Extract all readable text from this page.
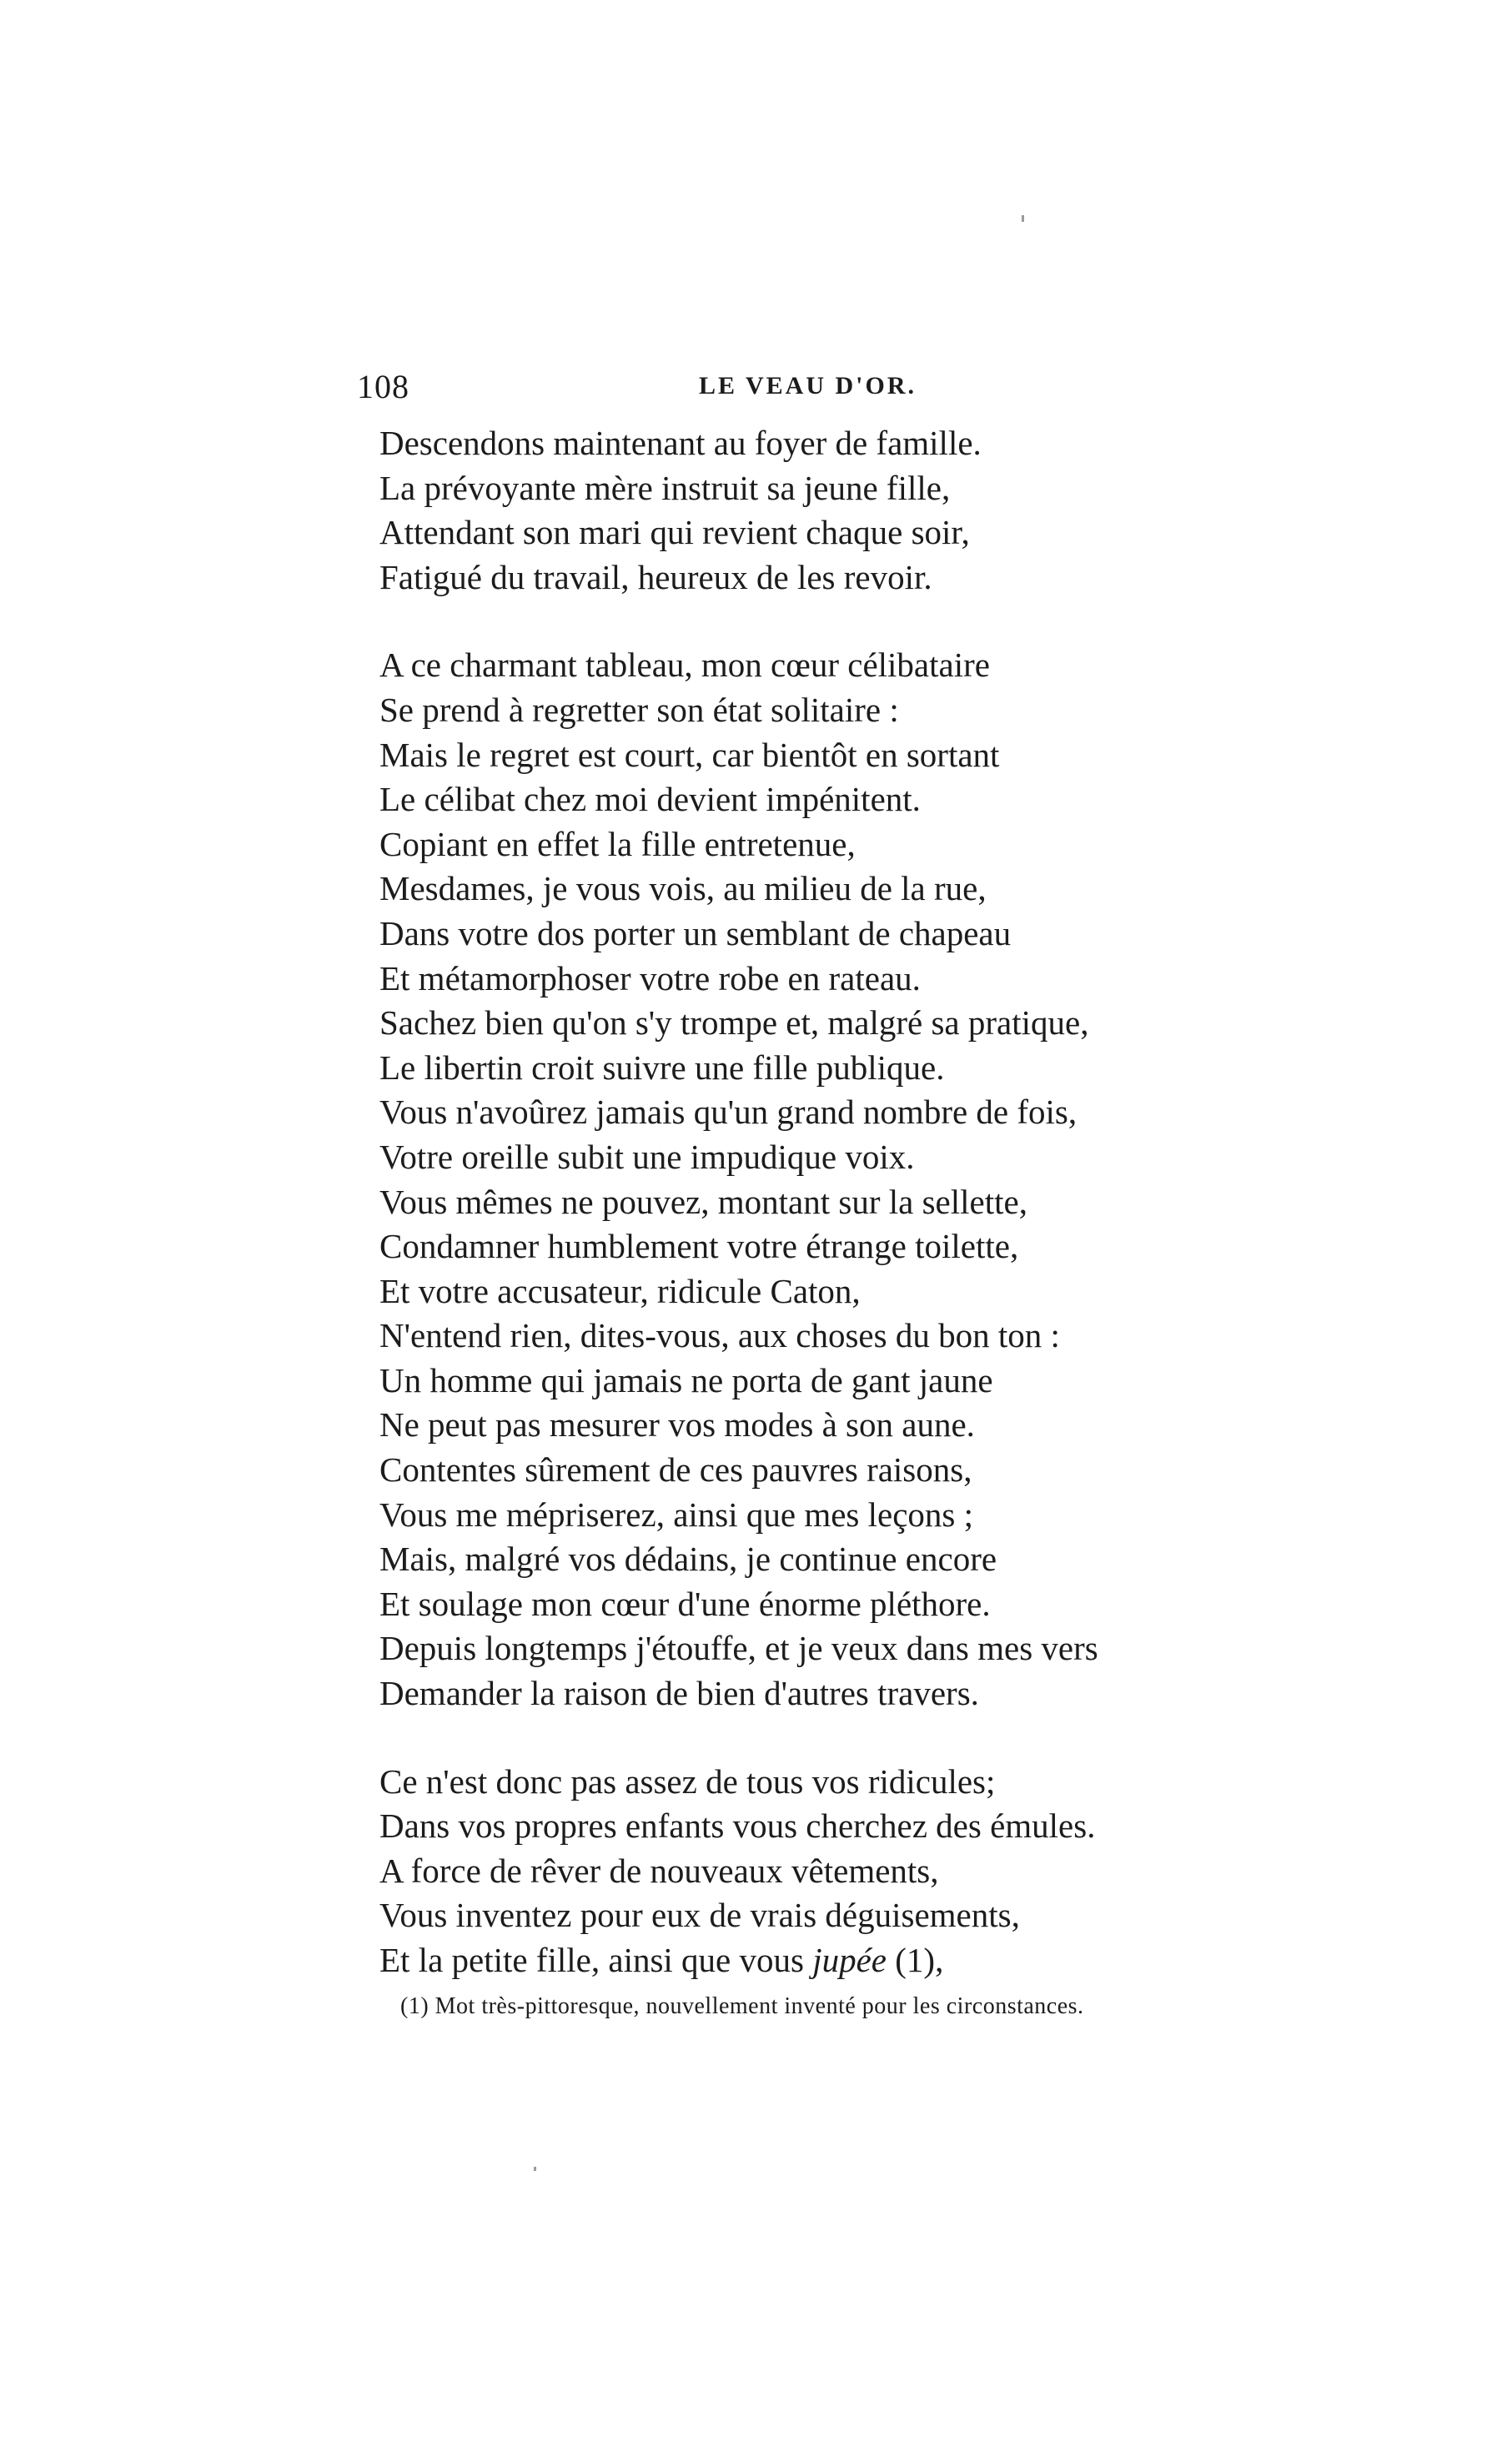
108	LE VEAU D'OR.

Descendons maintenant au foyer de famille.
La prévoyante mère instruit sa jeune fille,
Attendant son mari qui revient chaque soir,
Fatigué du travail, heureux de les revoir.

A ce charmant tableau, mon cœur célibataire
Se prend à regretter son état solitaire :
Mais le regret est court, car bientôt en sortant
Le célibat chez moi devient impénitent.
Copiant en effet la fille entretenue,
Mesdames, je vous vois, au milieu de la rue,
Dans votre dos porter un semblant de chapeau
Et métamorphoser votre robe en rateau.
Sachez bien qu'on s'y trompe et, malgré sa pratique,
Le libertin croit suivre une fille publique.
Vous n'avoûrez jamais qu'un grand nombre de fois,
Votre oreille subit une impudique voix.
Vous mêmes ne pouvez, montant sur la sellette,
Condamner humblement votre étrange toilette,
Et votre accusateur, ridicule Caton,
N'entend rien, dites-vous, aux choses du bon ton :
Un homme qui jamais ne porta de gant jaune
Ne peut pas mesurer vos modes à son aune.
Contentes sûrement de ces pauvres raisons,
Vous me mépriserez, ainsi que mes leçons ;
Mais, malgré vos dédains, je continue encore
Et soulage mon cœur d'une énorme pléthore.
Depuis longtemps j'étouffe, et je veux dans mes vers
Demander la raison de bien d'autres travers.

Ce n'est donc pas assez de tous vos ridicules;
Dans vos propres enfants vous cherchez des émules.
A force de rêver de nouveaux vêtements,
Vous inventez pour eux de vrais déguisements,
Et la petite fille, ainsi que vous jupée (1),

(1) Mot très-pittoresque, nouvellement inventé pour les circonstances.
